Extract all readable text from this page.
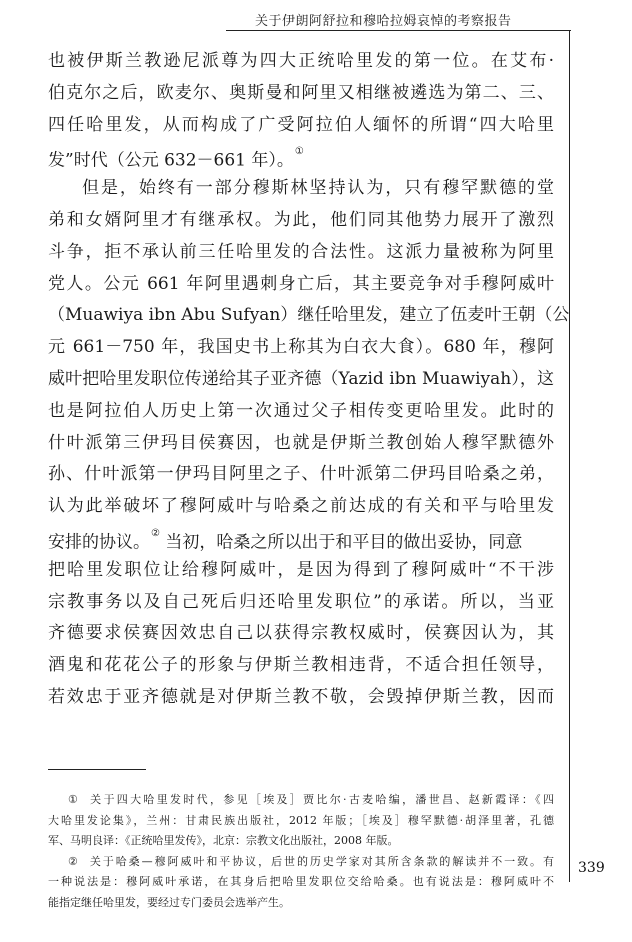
关于伊朗阿舒拉和穆哈拉姆哀悼的考察报告
也被伊斯兰教逊尼派尊为四大正统哈里发的第一位。在艾布·
伯克尔之后，欧麦尔、奥斯曼和阿里又相继被遴选为第二、三、
四任哈里发，从而构成了广受阿拉伯人缅怀的所谓“四大哈里
发”时代（公元 632－661 年）。①
但是，始终有一部分穆斯林坚持认为，只有穆罕默德的堂
弟和女婿阿里才有继承权。为此，他们同其他势力展开了激烈
斗争，拒不承认前三任哈里发的合法性。这派力量被称为阿里
党人。公元 661 年阿里遇刺身亡后，其主要竞争对手穆阿威叶
（Muawiya ibn Abu Sufyan）继任哈里发，建立了伍麦叶王朝（公
元 661－750 年，我国史书上称其为白衣大食）。680 年，穆阿
威叶把哈里发职位传递给其子亚齐德（Yazid ibn Muawiyah），这
也是阿拉伯人历史上第一次通过父子相传变更哈里发。此时的
什叶派第三伊玛目侯赛因，也就是伊斯兰教创始人穆罕默德外
孙、什叶派第一伊玛目阿里之子、什叶派第二伊玛目哈桑之弟，
认为此举破坏了穆阿威叶与哈桑之前达成的有关和平与哈里发
安排的协议。② 当初，哈桑之所以出于和平目的做出妥协，同意
把哈里发职位让给穆阿威叶，是因为得到了穆阿威叶“不干涉
宗教事务以及自己死后归还哈里发职位”的承诺。所以，当亚
齐德要求侯赛因效忠自己以获得宗教权威时，侯赛因认为，其
酒鬼和花花公子的形象与伊斯兰教相违背，不适合担任领导，
若效忠于亚齐德就是对伊斯兰教不敬，会毁掉伊斯兰教，因而
① 关于四大哈里发时代，参见［埃及］贾比尔·古麦哈编，潘世昌、赵新霞译：《四
大哈里发论集》，兰州：甘肃民族出版社，2012 年版；［埃及］穆罕默德·胡泽里著，孔德
军、马明良译：《正统哈里发传》，北京：宗教文化出版社，2008 年版。
② 关于哈桑—穆阿威叶和平协议，后世的历史学家对其所含条款的解读并不一致。有
一种说法是：穆阿威叶承诺，在其身后把哈里发职位交给哈桑。也有说法是：穆阿威叶不
能指定继任哈里发，要经过专门委员会选举产生。
339
